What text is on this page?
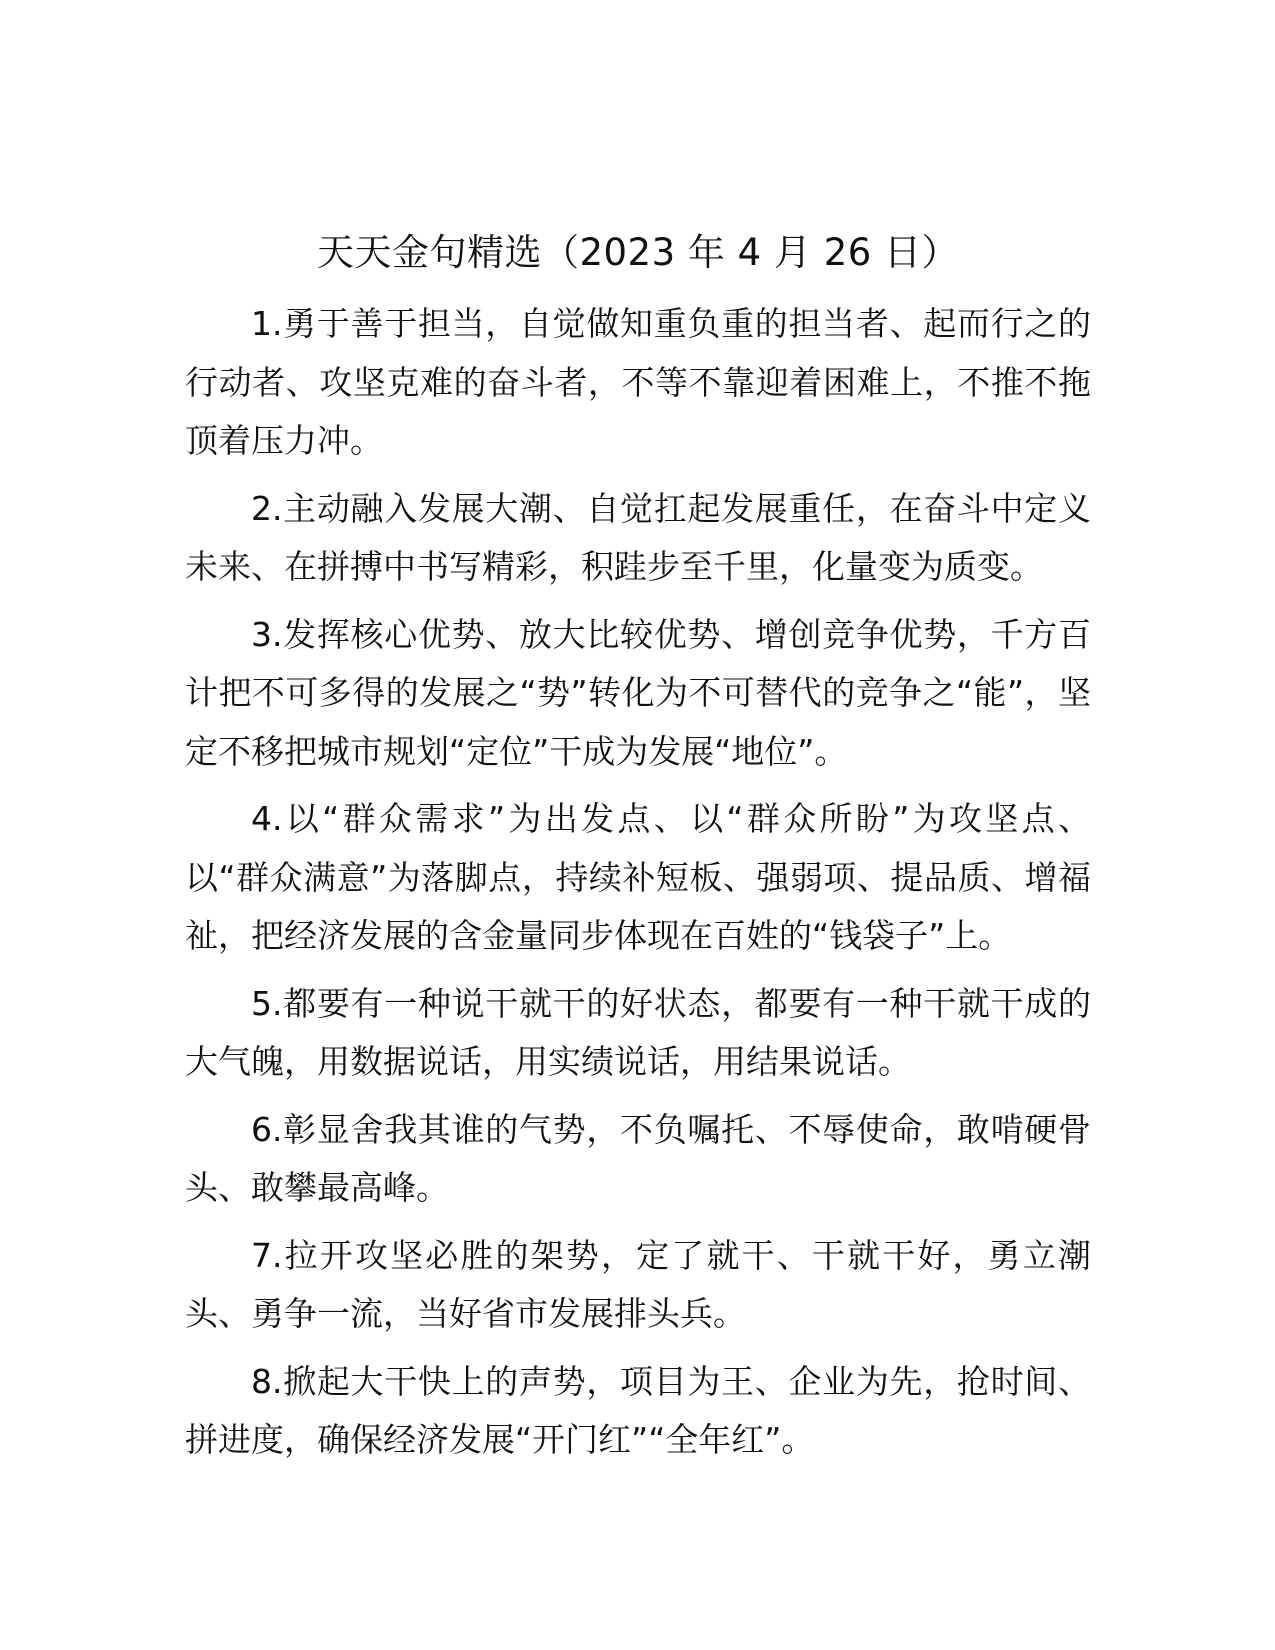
天天金句精选（2023 年 4 月 26 日）

1.勇于善于担当，自觉做知重负重的担当者、起而行之的行动者、攻坚克难的奋斗者，不等不靠迎着困难上，不推不拖顶着压力冲。

2.主动融入发展大潮、自觉扛起发展重任，在奋斗中定义未来、在拼搏中书写精彩，积跬步至千里，化量变为质变。

3.发挥核心优势、放大比较优势、增创竞争优势，千方百计把不可多得的发展之“势”转化为不可替代的竞争之“能”，坚定不移把城市规划“定位”干成为发展“地位”。

4.以“群众需求”为出发点、以“群众所盼”为攻坚点、以“群众满意”为落脚点，持续补短板、强弱项、提品质、增福祉，把经济发展的含金量同步体现在百姓的“钱袋子”上。

5.都要有一种说干就干的好状态，都要有一种干就干成的大气魄，用数据说话，用实绩说话，用结果说话。

6.彰显舍我其谁的气势，不负嘱托、不辱使命，敢啃硬骨头、敢攀最高峰。

7.拉开攻坚必胜的架势，定了就干、干就干好，勇立潮头、勇争一流，当好省市发展排头兵。

8.掀起大干快上的声势，项目为王、企业为先，抢时间、拼进度，确保经济发展“开门红”“全年红”。
